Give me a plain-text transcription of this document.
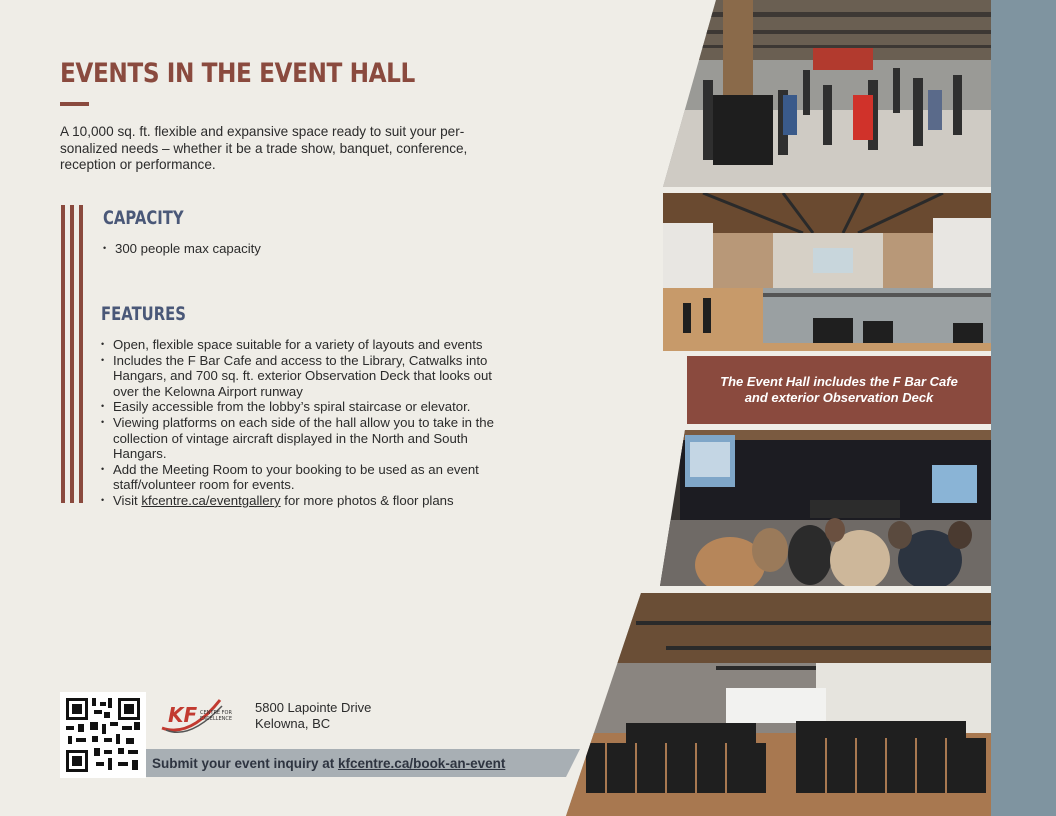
EVENTS IN THE EVENT HALL
A 10,000 sq. ft. flexible and expansive space ready to suit your per-sonalized needs – whether it be a trade show, banquet, conference, reception or performance.
CAPACITY
• 300 people max capacity
FEATURES
• Open, flexible space suitable for a variety of layouts and events
• Includes the F Bar Cafe and access to the Library, Catwalks into Hangars, and 700 sq. ft. exterior Observation Deck that looks out over the Kelowna Airport runway
• Easily accessible from the lobby’s spiral staircase or elevator.
• Viewing platforms on each side of the hall allow you to take in the collection of vintage aircraft displayed in the North and South Hangars.
• Add the Meeting Room to your booking to be used as an event staff/volunteer room for events.
• Visit kfcentre.ca/eventgallery for more photos & floor plans
The Event Hall includes the F Bar Cafe
and exterior Observation Deck
KF CENTRE FOR
EXCELLENCE
5800 Lapointe Drive
Kelowna, BC
Submit your event inquiry at kfcentre.ca/book-an-event
